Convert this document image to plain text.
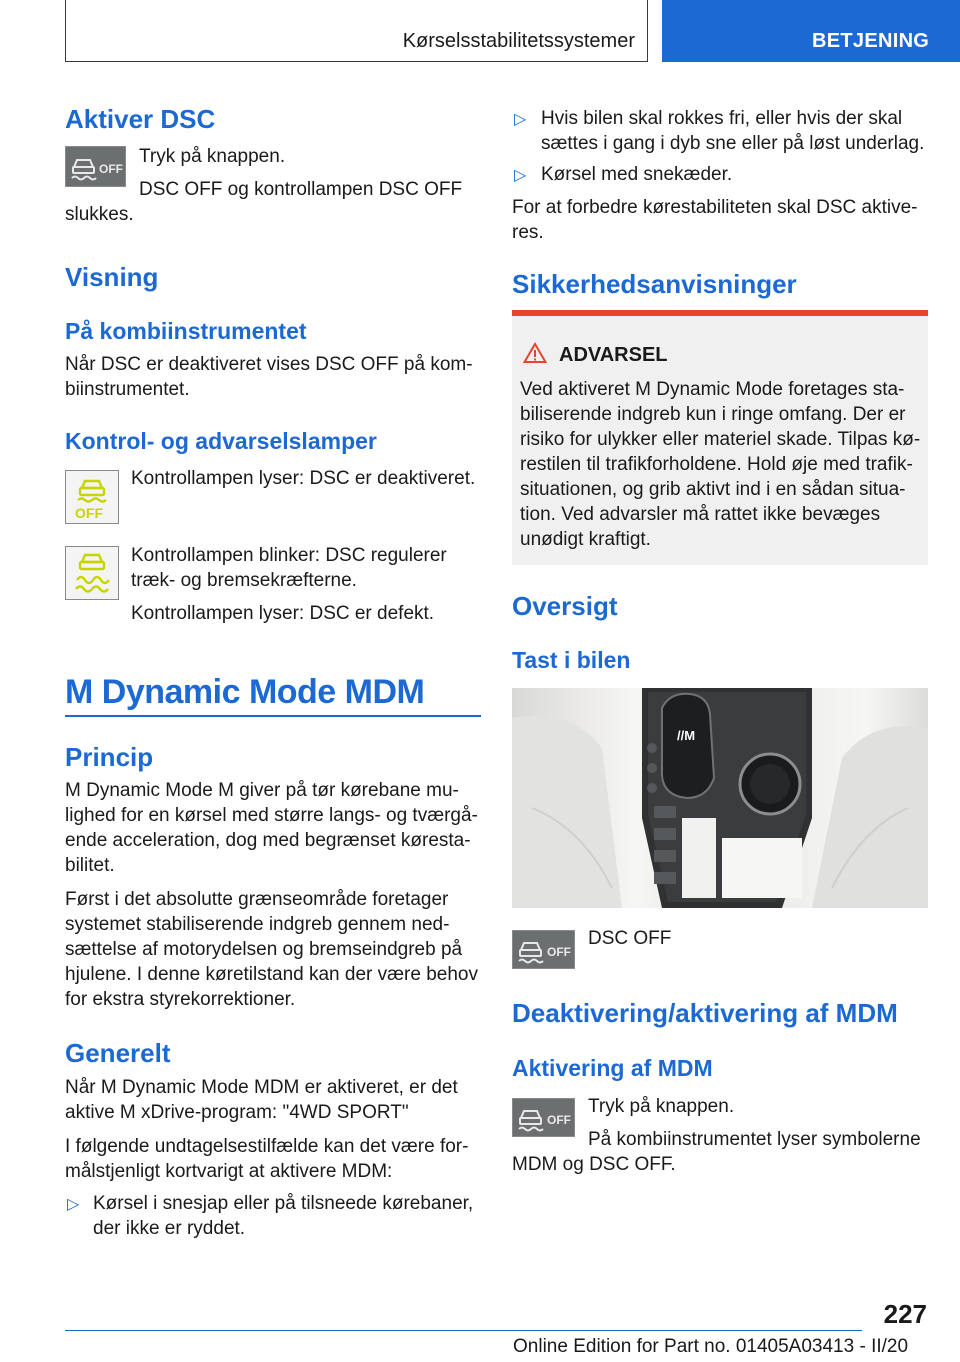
Kørselsstabilitetssystemer	BETJENING
Aktiver DSC
OFF
Tryk på knappen.
DSC OFF og kontrollampen DSC OFF
slukkes.
Visning
På kombiinstrumentet
Når DSC er deaktiveret vises DSC OFF på kom-
biinstrumentet.
Kontrol- og advarselslamper
OFF
Kontrollampen lyser: DSC er deaktiveret.
Kontrollampen blinker: DSC regulerer
træk- og bremsekræfterne.
Kontrollampen lyser: DSC er defekt.
M Dynamic Mode MDM
Princip
M Dynamic Mode M giver på tør kørebane mu-
lighed for en kørsel med større langs- og tværgå-
ende acceleration, dog med begrænset køresta-
bilitet.
Først i det absolutte grænseområde foretager
systemet stabiliserende indgreb gennem ned-
sættelse af motorydelsen og bremseindgreb på
hjulene. I denne køretilstand kan der være behov
for ekstra styrekorrektioner.
Generelt
Når M Dynamic Mode MDM er aktiveret, er det
aktive M xDrive-program: "4WD SPORT"
I følgende undtagelsestilfælde kan det være for-
målstjenligt kortvarigt at aktivere MDM:
▷ Kørsel i snesjap eller på tilsneede kørebaner,
der ikke er ryddet.
▷ Hvis bilen skal rokkes fri, eller hvis der skal
sættes i gang i dyb sne eller på løst underlag.
▷ Kørsel med snekæder.
For at forbedre kørestabiliteten skal DSC aktive-
res.
Sikkerhedsanvisninger
ADVARSEL
Ved aktiveret M Dynamic Mode foretages sta-
biliserende indgreb kun i ringe omfang. Der er
risiko for ulykker eller materiel skade. Tilpas kø-
restilen til trafikforholdene. Hold øje med trafik-
situationen, og grib aktivt ind i en sådan situa-
tion. Ved advarsler må rattet ikke bevæges
unødigt kraftigt.
Oversigt
Tast i bilen
//M
OFF
DSC OFF
Deaktivering/aktivering af MDM
Aktivering af MDM
OFF
Tryk på knappen.
På kombiinstrumentet lyser symbolerne
MDM og DSC OFF.
227
Online Edition for Part no. 01405A03413 - II/20
